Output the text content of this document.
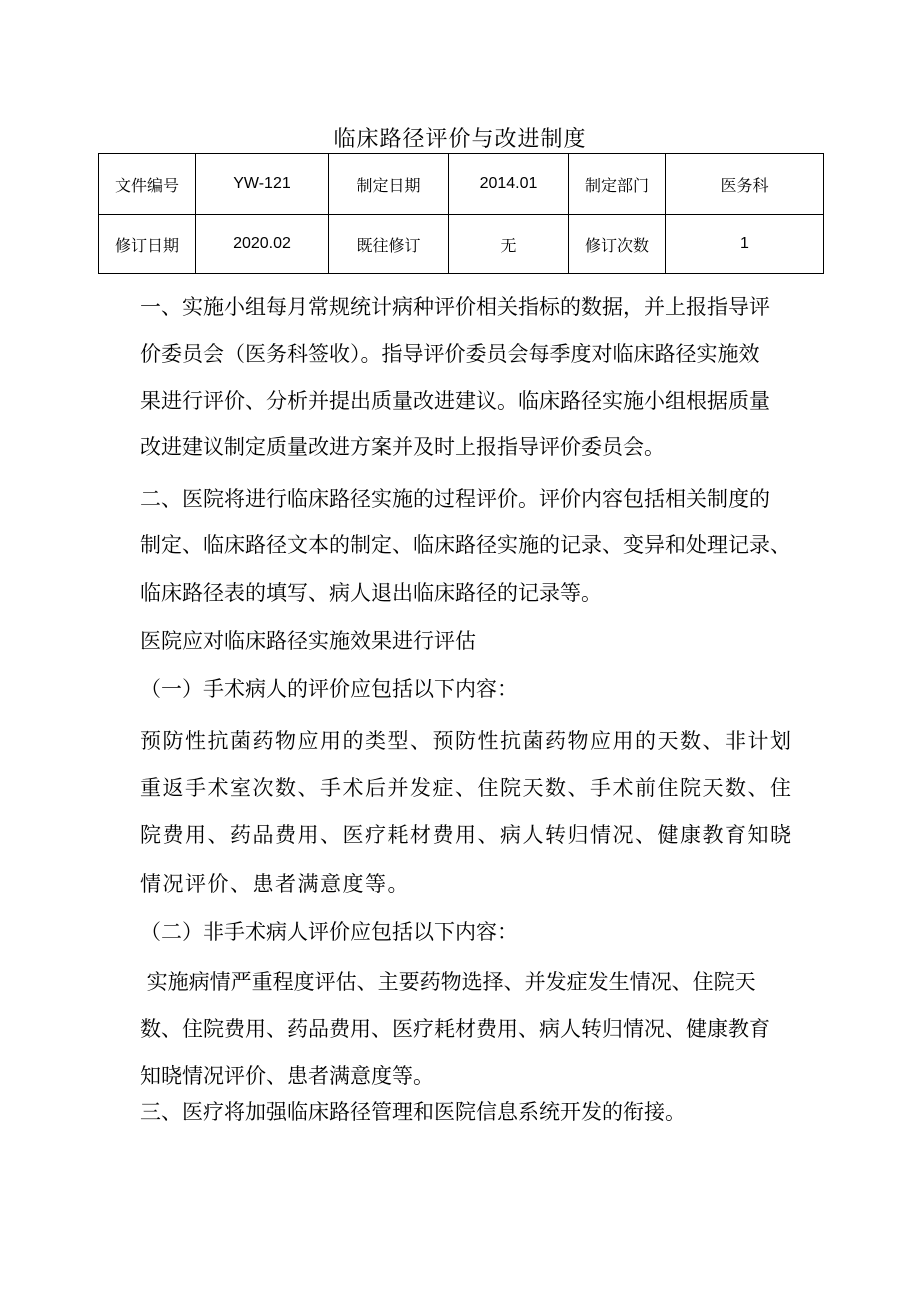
临床路径评价与改进制度
文件编号	YW-121	制定日期	2014.01	制定部门	医务科
修订日期	2020.02	既往修订	无	修订次数	1
一、实施小组每月常规统计病种评价相关指标的数据，并上报指导评
价委员会（医务科签收）。指导评价委员会每季度对临床路径实施效
果进行评价、分析并提出质量改进建议。临床路径实施小组根据质量
改进建议制定质量改进方案并及时上报指导评价委员会。
二、医院将进行临床路径实施的过程评价。评价内容包括相关制度的
制定、临床路径文本的制定、临床路径实施的记录、变异和处理记录、
临床路径表的填写、病人退出临床路径的记录等。
医院应对临床路径实施效果进行评估
（一）手术病人的评价应包括以下内容：
预防性抗菌药物应用的类型、预防性抗菌药物应用的天数、非计划
重返手术室次数、手术后并发症、住院天数、手术前住院天数、住
院费用、药品费用、医疗耗材费用、病人转归情况、健康教育知晓
情况评价、患者满意度等。
（二）非手术病人评价应包括以下内容：
实施病情严重程度评估、主要药物选择、并发症发生情况、住院天
数、住院费用、药品费用、医疗耗材费用、病人转归情况、健康教育
知晓情况评价、患者满意度等。
三、医疗将加强临床路径管理和医院信息系统开发的衔接。
